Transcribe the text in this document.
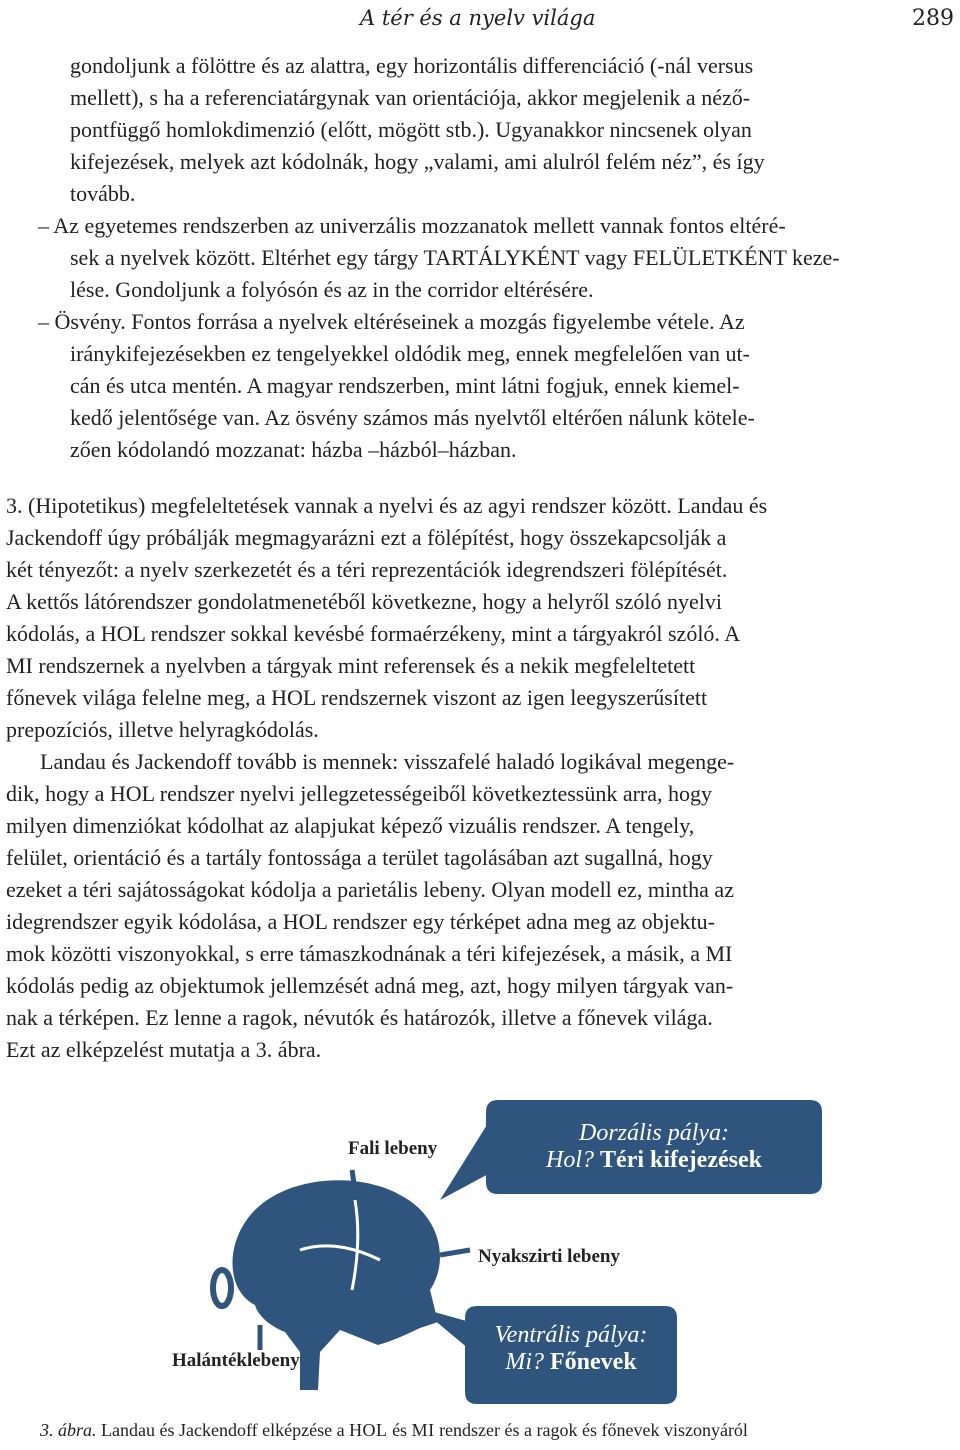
A tér és a nyelv világa	289
gondoljunk a fölöttre és az alattra, egy horizontális differenciáció (-nál versus
mellett), s ha a referenciatárgynak van orientációja, akkor megjelenik a néző-
pontfüggő homlokdimenzió (előtt, mögött stb.). Ugyanakkor nincsenek olyan
kifejezések, melyek azt kódolnák, hogy „valami, ami alulról felém néz”, és így
tovább.
– Az egyetemes rendszerben az univerzális mozzanatok mellett vannak fontos eltéré-
sek a nyelvek között. Eltérhet egy tárgy TARTÁLYKÉNT vagy FELÜLETKÉNT keze-
lése. Gondoljunk a folyósón és az in the corridor eltérésére.
– Ösvény. Fontos forrása a nyelvek eltéréseinek a mozgás figyelembe vétele. Az
iránykifejezésekben ez tengelyekkel oldódik meg, ennek megfelelően van ut-
cán és utca mentén. A magyar rendszerben, mint látni fogjuk, ennek kiemel-
kedő jelentősége van. Az ösvény számos más nyelvtől eltérően nálunk kötele-
zően kódolandó mozzanat: házba –házból–házban.
3. (Hipotetikus) megfeleltetések vannak a nyelvi és az agyi rendszer között. Landau és
Jackendoff úgy próbálják megmagyarázni ezt a fölépítést, hogy összekapcsolják a
két tényezőt: a nyelv szerkezetét és a téri reprezentációk idegrendszeri fölépítését.
A kettős látórendszer gondolatmenetéből következne, hogy a helyről szóló nyelvi
kódolás, a HOL rendszer sokkal kevésbé formaérzékeny, mint a tárgyakról szóló. A
MI rendszernek a nyelvben a tárgyak mint referensek és a nekik megfeleltetett
főnevek világa felelne meg, a HOL rendszernek viszont az igen leegyszerűsített
prepozíciós, illetve helyragkódolás.
Landau és Jackendoff tovább is mennek: visszafelé haladó logikával megenge-
dik, hogy a HOL rendszer nyelvi jellegzetességeiből következtessünk arra, hogy
milyen dimenziókat kódolhat az alapjukat képező vizuális rendszer. A tengely,
felület, orientáció és a tartály fontossága a terület tagolásában azt sugallná, hogy
ezeket a téri sajátosságokat kódolja a parietális lebeny. Olyan modell ez, mintha az
idegrendszer egyik kódolása, a HOL rendszer egy térképet adna meg az objektu-
mok közötti viszonyokkal, s erre támaszkodnának a téri kifejezések, a másik, a MI
kódolás pedig az objektumok jellemzését adná meg, azt, hogy milyen tárgyak van-
nak a térképen. Ez lenne a ragok, névutók és határozók, illetve a főnevek világa.
Ezt az elképzelést mutatja a 3. ábra.
Fali lebeny
Nyakszirti lebeny
Halántéklebeny
Dorzális pálya:
Hol? Téri kifejezések
Ventrális pálya:
Mi? Főnevek
3. ábra. Landau és Jackendoff elképzése a HOL és MI rendszer és a ragok és főnevek viszonyáról
